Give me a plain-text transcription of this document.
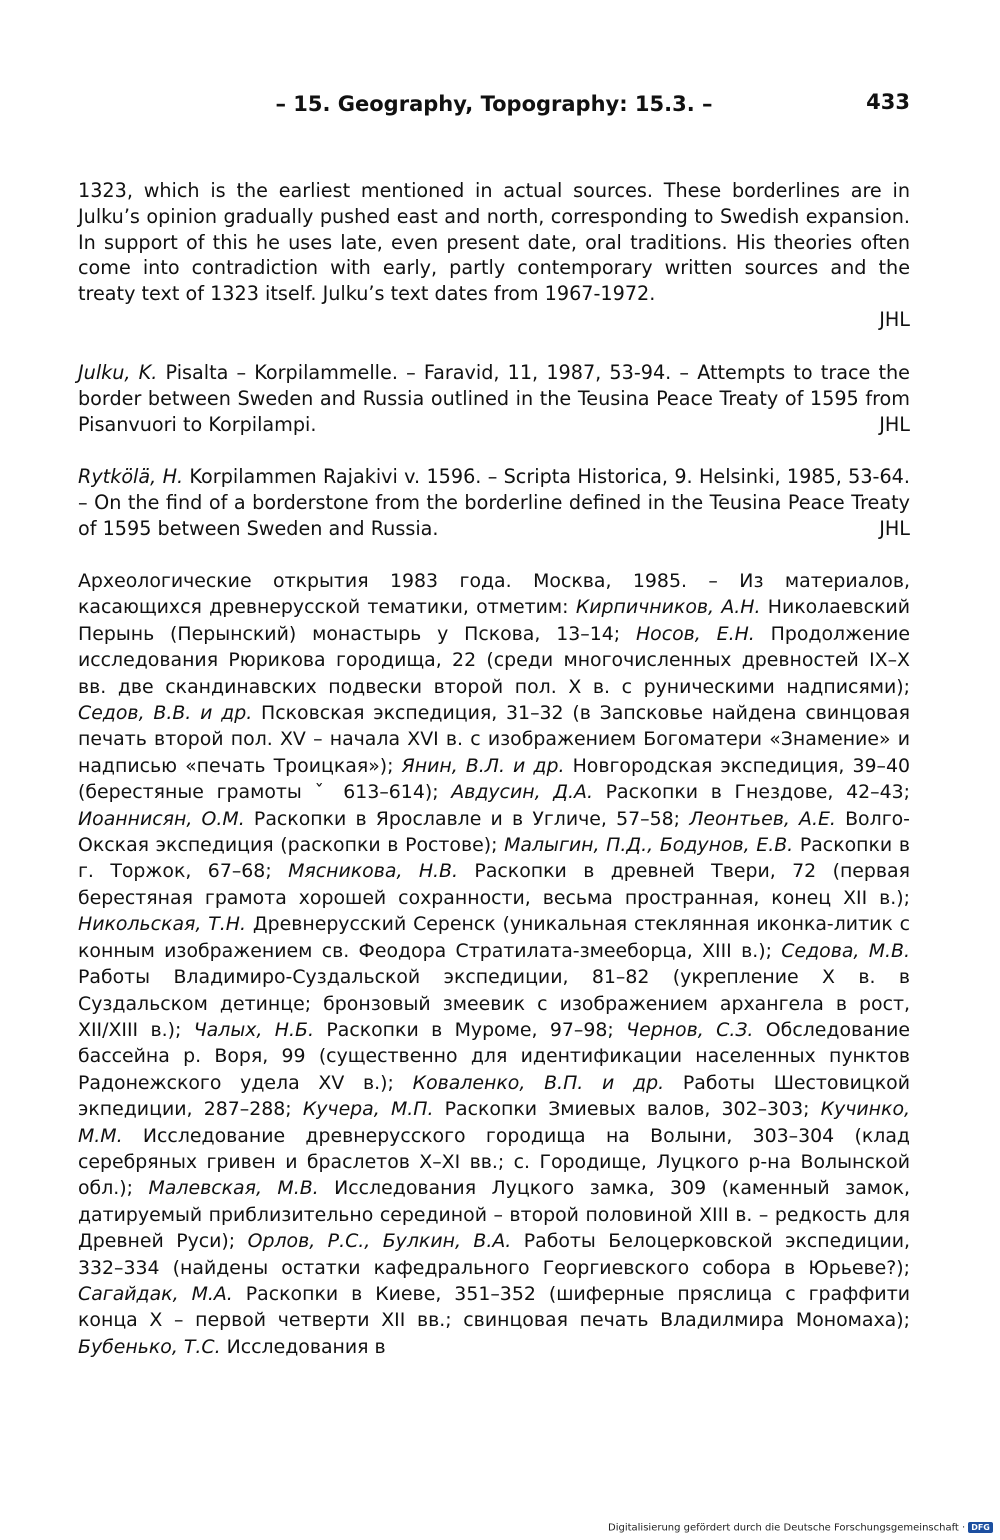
– 15. Geography, Topography: 15.3. –	433

1323, which is the earliest mentioned in actual sources. These borderlines are in Julku’s opinion gradually pushed east and north, corresponding to Swedish expansion. In support of this he uses late, even present date, oral traditions. His theories often come into contradiction with early, partly contemporary written sources and the treaty text of 1323 itself. Julku’s text dates from 1967-1972.
JHL

Julku, K. Pisalta – Korpilammelle. – Faravid, 11, 1987, 53-94. – Attempts to trace the border between Sweden and Russia outlined in the Teusina Peace Treaty of 1595 from Pisanvuori to Korpilampi.	JHL

Rytkölä, H. Korpilammen Rajakivi v. 1596. – Scripta Historica, 9. Helsinki, 1985, 53-64. – On the find of a borderstone from the borderline defined in the Teusina Peace Treaty of 1595 between Sweden and Russia.	JHL

Археологические открытия 1983 года. Москва, 1985. – Из материалов, касающихся древнерусской тематики, отметим: Кирпичников, А.Н. Николаевский Перынь (Перынский) монастырь у Пскова, 13–14; Носов, Е.Н. Продолжение исследования Рюрикова городища, 22 (среди многочисленных древностей IX–X вв. две скандинавских подвески второй пол. X в. с руническими надписями); Седов, В.В. и др. Псковская экспедиция, 31–32 (в Запсковье найдена свинцовая печать второй пол. XV – начала XVI в. с изображением Богоматери «Знамение» и надписью «печать Троицкая»); Янин, В.Л. и др. Новгородская экспедиция, 39–40 (берестяные грамоты ˇ 613–614); Авдусин, Д.А. Раскопки в Гнездове, 42–43; Иоаннисян, О.М. Раскопки в Ярославле и в Угличе, 57–58; Леонтьев, А.Е. Волго-Окская экспедиция (раскопки в Ростове); Малыгин, П.Д., Бодунов, Е.В. Раскопки в г. Торжок, 67–68; Мясникова, Н.В. Раскопки в древней Твери, 72 (первая берестяная грамота хорошей сохранности, весьма пространная, конец XII в.); Никольская, Т.Н. Древнерусский Серенск (уникальная стеклянная иконка-литик с конным изображением св. Феодора Стратилата-змееборца, XIII в.); Седова, М.В. Работы Владимиро-Суздальской экспедиции, 81–82 (укрепление X в. в Суздальском детинце; бронзовый змеевик с изображением архангела в рост, XII/XIII в.); Чалых, Н.Б. Раскопки в Муроме, 97–98; Чернов, С.З. Обследование бассейна р. Воря, 99 (существенно для идентификации населенных пунктов Радонежского удела XV в.); Коваленко, В.П. и др. Работы Шестовицкой экпедиции, 287–288; Кучера, М.П. Раскопки Змиевых валов, 302–303; Кучинко, М.М. Исследование древнерусского городища на Волыни, 303–304 (клад серебряных гривен и браслетов X–XI вв.; с. Городище, Луцкого р-на Волынской обл.); Малевская, М.В. Исследования Луцкого замка, 309 (каменный замок, датируемый приблизительно серединой – второй половиной XIII в. – редкость для Древней Руси); Орлов, Р.С., Булкин, В.А. Работы Белоцерковской экспедиции, 332–334 (найдены остатки кафедрального Георгиевского собора в Юрьеве?); Сагайдак, М.А. Раскопки в Киеве, 351–352 (шиферные пряслица с граффити конца X – первой четверти XII вв.; свинцовая печать Владилмира Мономаха); Бубенько, Т.С. Исследования в

Digitalisierung gefördert durch die Deutsche Forschungsgemeinschaft · DFG
